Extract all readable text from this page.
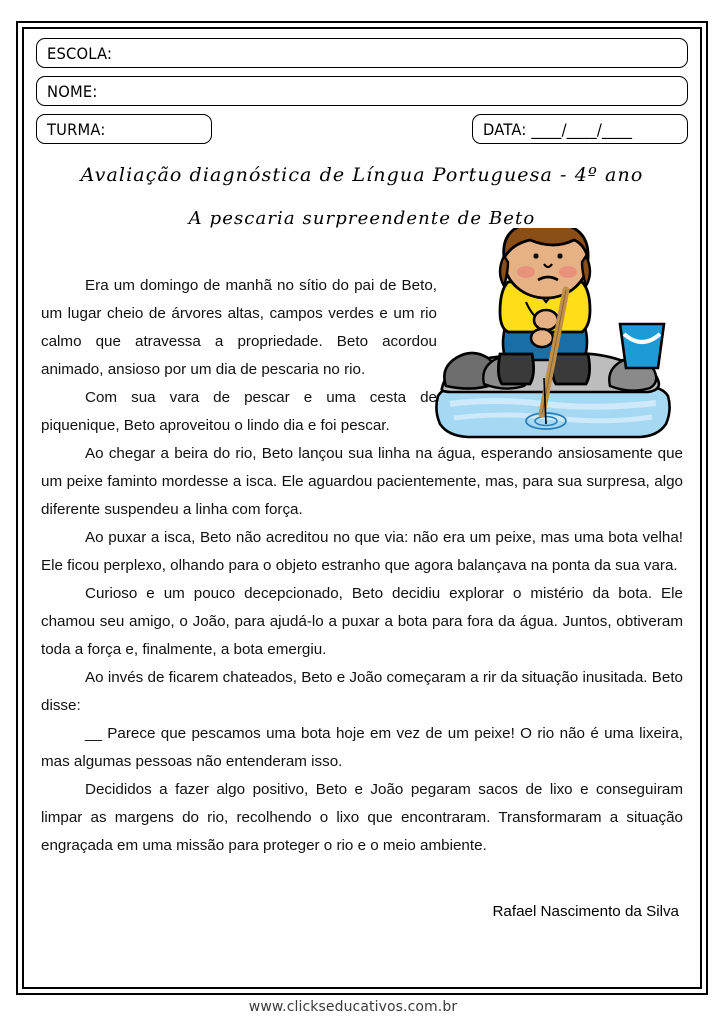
ESCOLA:
NOME:
TURMA:	DATA: ____/____/____
Avaliação diagnóstica de Língua Portuguesa - 4º ano
A pescaria surpreendente de Beto

Era um domingo de manhã no sítio do pai de Beto, um lugar cheio de árvores altas, campos verdes e um rio calmo que atravessa a propriedade. Beto acordou animado, ansioso por um dia de pescaria no rio.

Com sua vara de pescar e uma cesta de piquenique, Beto aproveitou o lindo dia e foi pescar.

Ao chegar a beira do rio, Beto lançou sua linha na água, esperando ansiosamente que um peixe faminto mordesse a isca. Ele aguardou pacientemente, mas, para sua surpresa, algo diferente suspendeu a linha com força.

Ao puxar a isca, Beto não acreditou no que via: não era um peixe, mas uma bota velha! Ele ficou perplexo, olhando para o objeto estranho que agora balançava na ponta da sua vara.

Curioso e um pouco decepcionado, Beto decidiu explorar o mistério da bota. Ele chamou seu amigo, o João, para ajudá-lo a puxar a bota para fora da água. Juntos, obtiveram toda a força e, finalmente, a bota emergiu.

Ao invés de ficarem chateados, Beto e João começaram a rir da situação inusitada. Beto disse:

__ Parece que pescamos uma bota hoje em vez de um peixe! O rio não é uma lixeira, mas algumas pessoas não entenderam isso.

Decididos a fazer algo positivo, Beto e João pegaram sacos de lixo e conseguiram limpar as margens do rio, recolhendo o lixo que encontraram. Transformaram a situação engraçada em uma missão para proteger o rio e o meio ambiente.

Rafael Nascimento da Silva

www.clickseducativos.com.br
